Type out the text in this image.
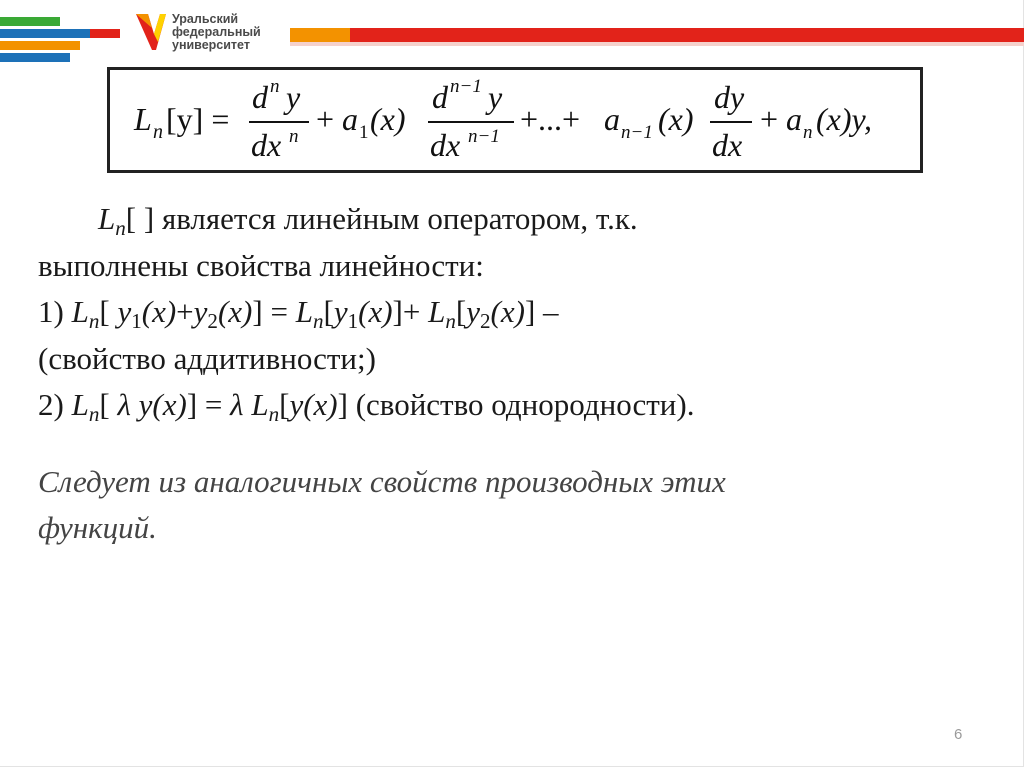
Уральский
федеральный
университет
L n [y] =
d n y
dx n + a 1 (x)
d n−1 y
dx n−1 +...+ a n−1 (x)
dy
dx
+ a n (x)y,
$L_n$[ ] является линейным оператором, т.к.
выполнены свойства линейности:
1) $L_n$[ $y_1(x)+y_2(x)] = L_n[y_1(x)]+ L_n[y_2(x)]$ –
(свойство аддитивности;)
2) $L_n$[ λ y(x)] = λ $L_n[y(x)]$ (свойство однородности).
Следует из аналогичных свойств производных этих
функций.
6
